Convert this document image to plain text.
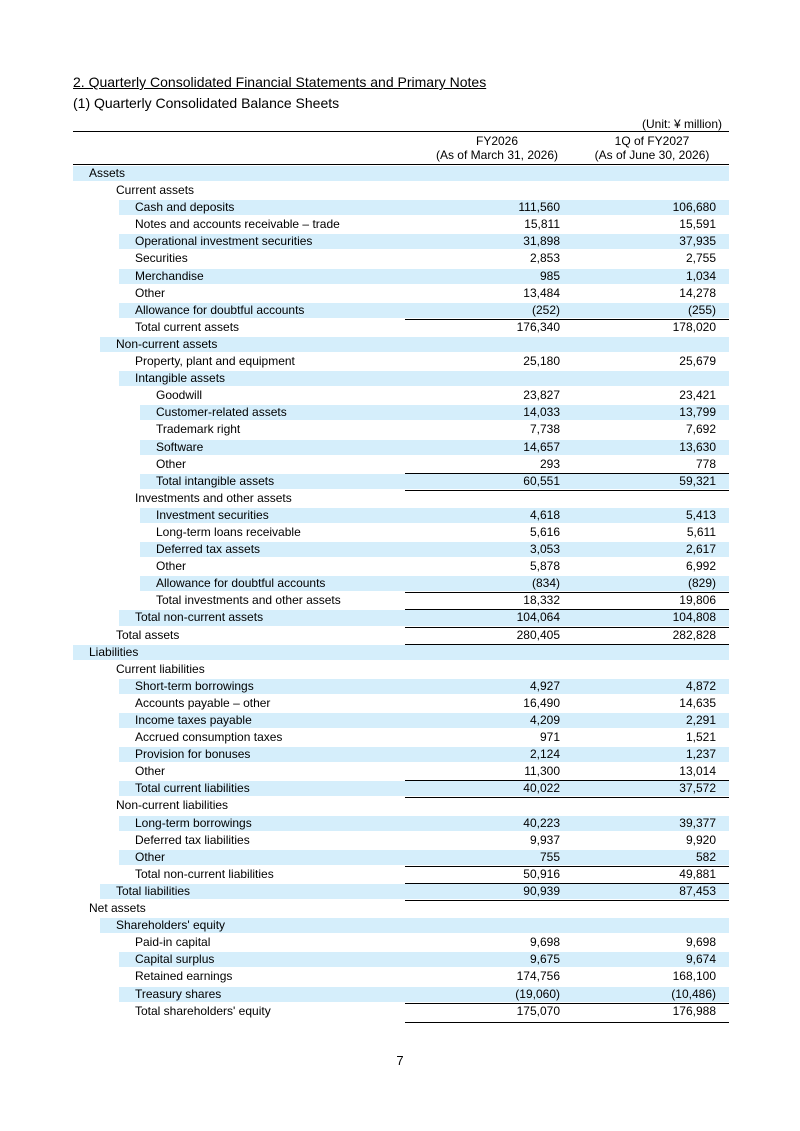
2. Quarterly Consolidated Financial Statements and Primary Notes
(1) Quarterly Consolidated Balance Sheets
(Unit: ¥ million)
FY2026
(As of March 31, 2026)
1Q of FY2027
(As of June 30, 2026)
Assets
Current assets
Cash and deposits	111,560	106,680
Notes and accounts receivable – trade	15,811	15,591
Operational investment securities	31,898	37,935
Securities	2,853	2,755
Merchandise	985	1,034
Other	13,484	14,278
Allowance for doubtful accounts	(252)	(255)
Total current assets	176,340	178,020
Non-current assets
Property, plant and equipment	25,180	25,679
Intangible assets
Goodwill	23,827	23,421
Customer-related assets	14,033	13,799
Trademark right	7,738	7,692
Software	14,657	13,630
Other	293	778
Total intangible assets	60,551	59,321
Investments and other assets
Investment securities	4,618	5,413
Long-term loans receivable	5,616	5,611
Deferred tax assets	3,053	2,617
Other	5,878	6,992
Allowance for doubtful accounts	(834)	(829)
Total investments and other assets	18,332	19,806
Total non-current assets	104,064	104,808
Total assets	280,405	282,828
Liabilities
Current liabilities
Short-term borrowings	4,927	4,872
Accounts payable – other	16,490	14,635
Income taxes payable	4,209	2,291
Accrued consumption taxes	971	1,521
Provision for bonuses	2,124	1,237
Other	11,300	13,014
Total current liabilities	40,022	37,572
Non-current liabilities
Long-term borrowings	40,223	39,377
Deferred tax liabilities	9,937	9,920
Other	755	582
Total non-current liabilities	50,916	49,881
Total liabilities	90,939	87,453
Net assets
Shareholders' equity
Paid-in capital	9,698	9,698
Capital surplus	9,675	9,674
Retained earnings	174,756	168,100
Treasury shares	(19,060)	(10,486)
Total shareholders' equity	175,070	176,988
7
